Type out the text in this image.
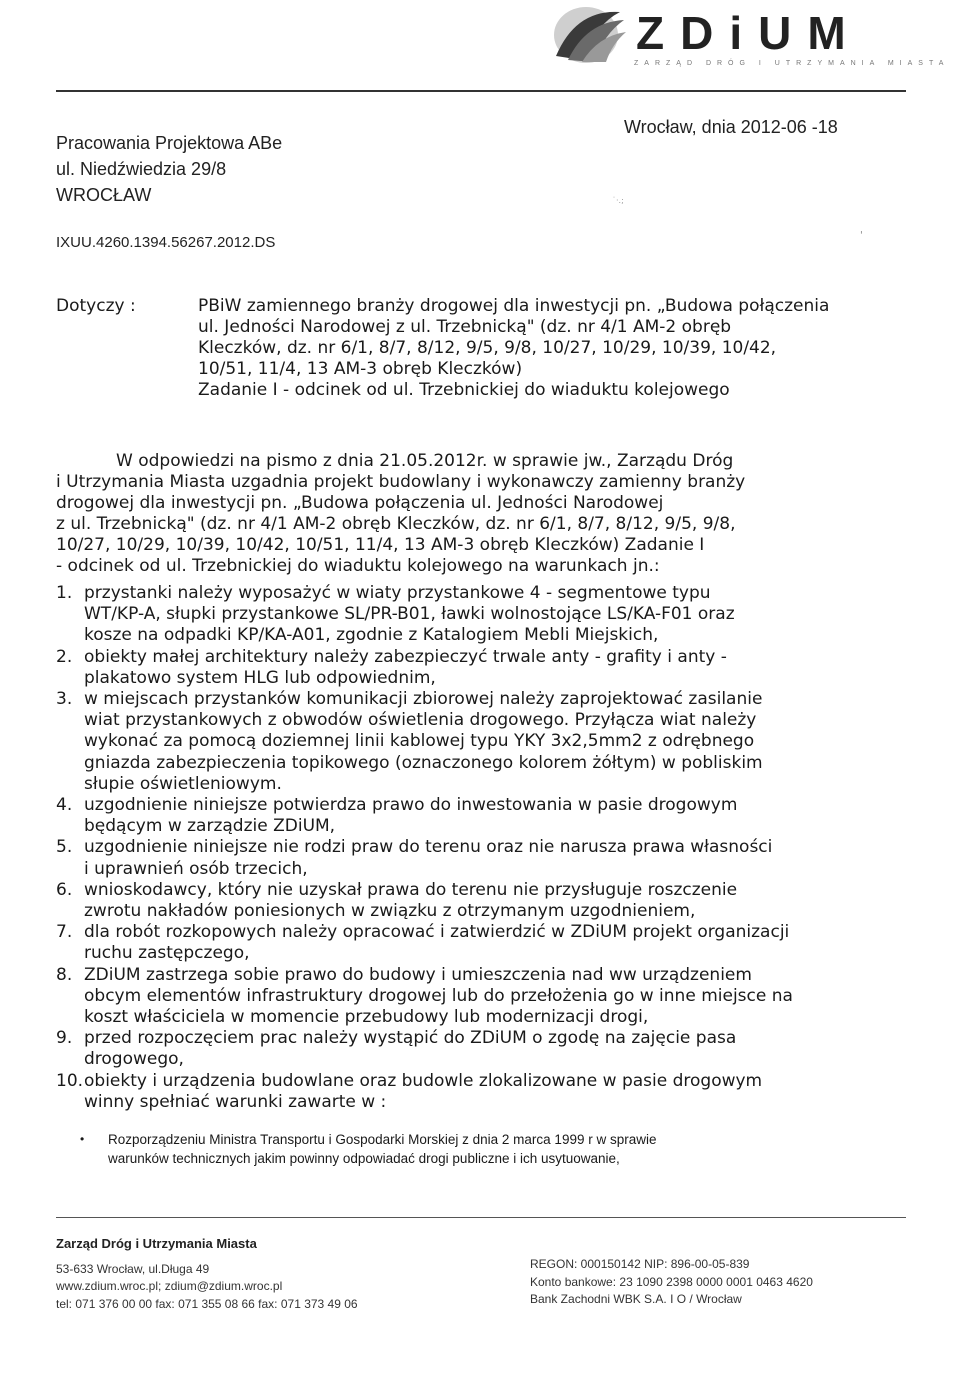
ZDiUM
ZARZĄD DRÓG I UTRZYMANIA MIASTA
Pracowania Projektowa ABe
ul. Niedźwiedzia 29/8
WROCŁAW
Wrocław, dnia 2012-06 -18
˙·.;
'
IXUU.4260.1394.56267.2012.DS
Dotyczy :	PBiW zamiennego branży drogowej dla inwestycji pn. „Budowa połączenia
ul. Jedności Narodowej z ul. Trzebnicką" (dz. nr 4/1 AM-2 obręb
Kleczków, dz. nr 6/1, 8/7, 8/12, 9/5, 9/8, 10/27, 10/29, 10/39, 10/42,
10/51, 11/4, 13 AM-3 obręb Kleczków)
Zadanie I - odcinek od ul. Trzebnickiej do wiaduktu kolejowego
W odpowiedzi na pismo z dnia 21.05.2012r. w sprawie jw., Zarządu Dróg
i Utrzymania Miasta uzgadnia projekt budowlany i wykonawczy zamienny branży
drogowej dla inwestycji pn. „Budowa połączenia ul. Jedności Narodowej
z ul. Trzebnicką" (dz. nr 4/1 AM-2 obręb Kleczków, dz. nr 6/1, 8/7, 8/12, 9/5, 9/8,
10/27, 10/29, 10/39, 10/42, 10/51, 11/4, 13 AM-3 obręb Kleczków) Zadanie I
- odcinek od ul. Trzebnickiej do wiaduktu kolejowego na warunkach jn.:
1. przystanki należy wyposażyć w wiaty przystankowe 4 - segmentowe typu
WT/KP-A, słupki przystankowe SL/PR-B01, ławki wolnostojące LS/KA-F01 oraz
kosze na odpadki KP/KA-A01, zgodnie z Katalogiem Mebli Miejskich,
2. obiekty małej architektury należy zabezpieczyć trwale anty - grafity i anty -
plakatowo system HLG lub odpowiednim,
3. w miejscach przystanków komunikacji zbiorowej należy zaprojektować zasilanie
wiat przystankowych z obwodów oświetlenia drogowego. Przyłącza wiat należy
wykonać za pomocą doziemnej linii kablowej typu YKY 3x2,5mm2 z odrębnego
gniazda zabezpieczenia topikowego (oznaczonego kolorem żółtym) w pobliskim
słupie oświetleniowym.
4. uzgodnienie niniejsze potwierdza prawo do inwestowania w pasie drogowym
będącym w zarządzie ZDiUM,
5. uzgodnienie niniejsze nie rodzi praw do terenu oraz nie narusza prawa własności
i uprawnień osób trzecich,
6. wnioskodawcy, który nie uzyskał prawa do terenu nie przysługuje roszczenie
zwrotu nakładów poniesionych w związku z otrzymanym uzgodnieniem,
7. dla robót rozkopowych należy opracować i zatwierdzić w ZDiUM projekt organizacji
ruchu zastępczego,
8. ZDiUM zastrzega sobie prawo do budowy i umieszczenia nad ww urządzeniem
obcym elementów infrastruktury drogowej lub do przełożenia go w inne miejsce na
koszt właściciela w momencie przebudowy lub modernizacji drogi,
9. przed rozpoczęciem prac należy wystąpić do ZDiUM o zgodę na zajęcie pasa
drogowego,
10. obiekty i urządzenia budowlane oraz budowle zlokalizowane w pasie drogowym
winny spełniać warunki zawarte w :
•	Rozporządzeniu Ministra Transportu i Gospodarki Morskiej z dnia 2 marca 1999 r w sprawie
warunków technicznych jakim powinny odpowiadać drogi publiczne i ich usytuowanie,
Zarząd Dróg i Utrzymania Miasta
53-633 Wrocław, ul.Długa 49
www.zdium.wroc.pl; zdium@zdium.wroc.pl
tel: 071 376 00 00 fax: 071 355 08 66 fax: 071 373 49 06
REGON: 000150142 NIP: 896-00-05-839
Konto bankowe: 23 1090 2398 0000 0001 0463 4620
Bank Zachodni WBK S.A. I O / Wrocław
